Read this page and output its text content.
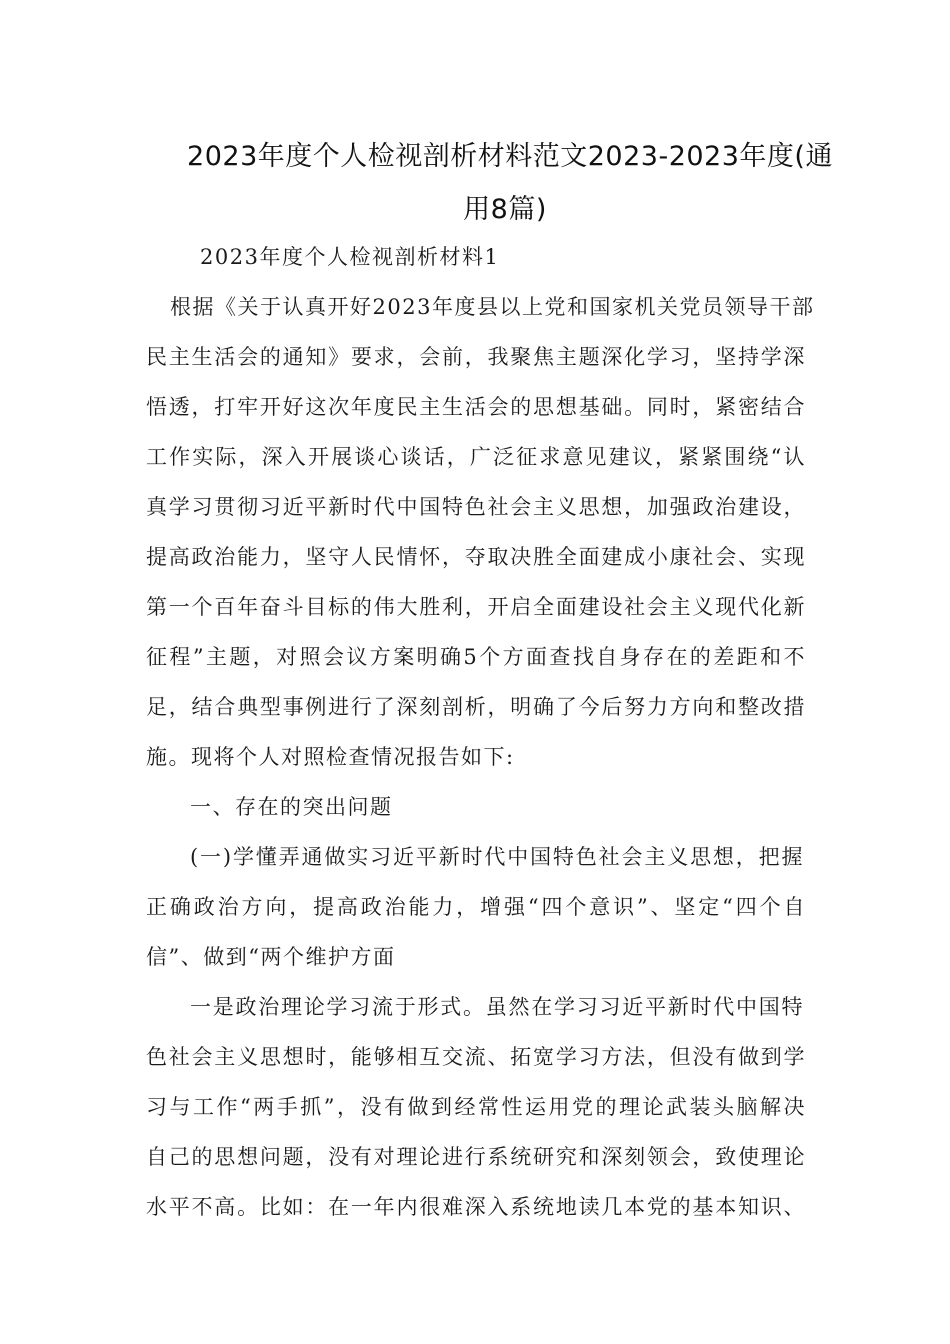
2023年度个人检视剖析材料范文2023-2023年度(通
用8篇)
2023年度个人检视剖析材料1
根据《关于认真开好2023年度县以上党和国家机关党员领导干部
民主生活会的通知》要求，会前，我聚焦主题深化学习，坚持学深
悟透，打牢开好这次年度民主生活会的思想基础。同时，紧密结合
工作实际，深入开展谈心谈话，广泛征求意见建议，紧紧围绕“认
真学习贯彻习近平新时代中国特色社会主义思想，加强政治建设，
提高政治能力，坚守人民情怀，夺取决胜全面建成小康社会、实现
第一个百年奋斗目标的伟大胜利，开启全面建设社会主义现代化新
征程”主题，对照会议方案明确5个方面查找自身存在的差距和不
足，结合典型事例进行了深刻剖析，明确了今后努力方向和整改措
施。现将个人对照检查情况报告如下:
一、存在的突出问题
(一)学懂弄通做实习近平新时代中国特色社会主义思想，把握
正确政治方向，提高政治能力，增强“四个意识”、坚定“四个自
信”、做到“两个维护方面
一是政治理论学习流于形式。虽然在学习习近平新时代中国特
色社会主义思想时，能够相互交流、拓宽学习方法，但没有做到学
习与工作“两手抓”，没有做到经常性运用党的理论武装头脑解决
自己的思想问题，没有对理论进行系统研究和深刻领会，致使理论
水平不高。比如：在一年内很难深入系统地读几本党的基本知识、
